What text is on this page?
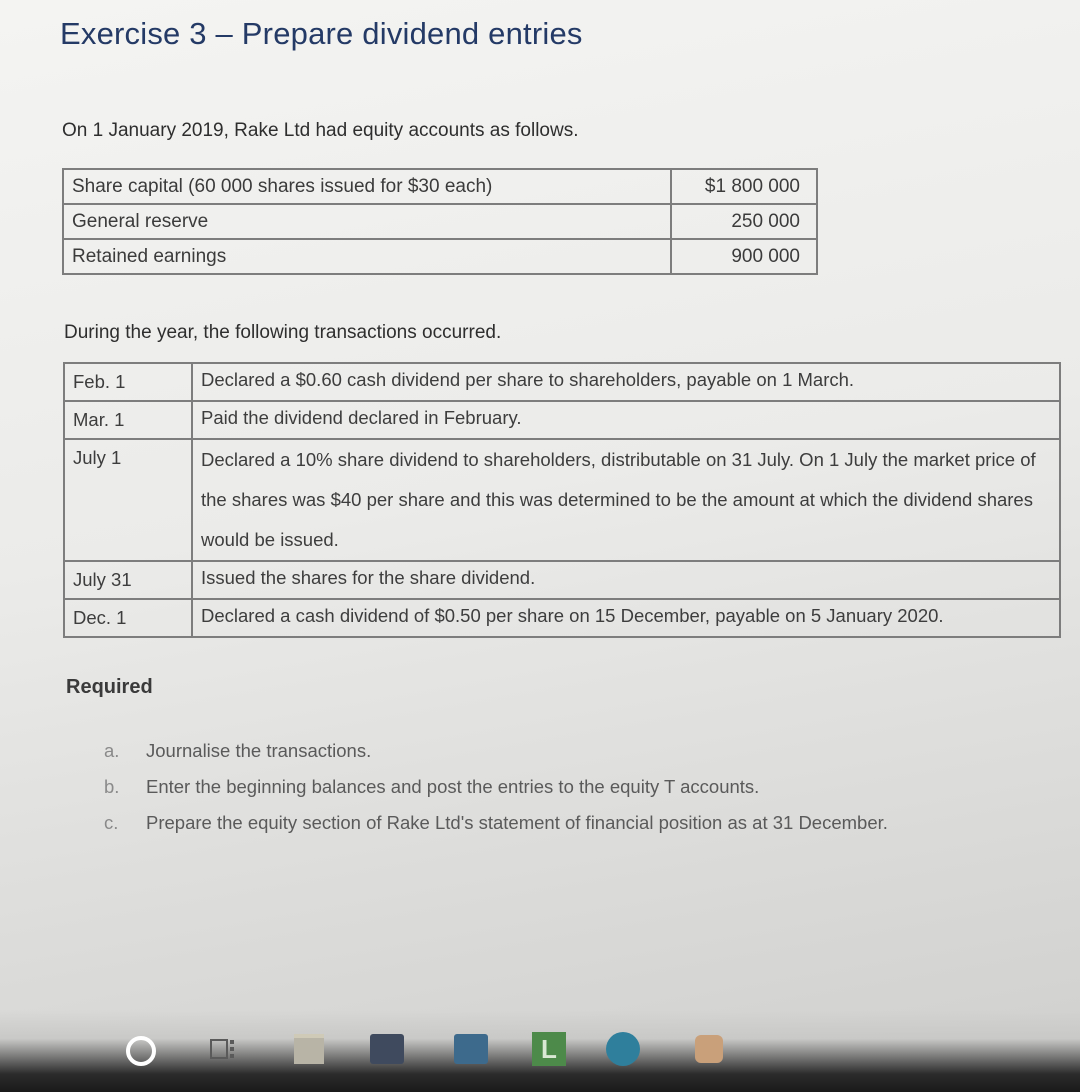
Exercise 3 – Prepare dividend entries
On 1 January 2019, Rake Ltd had equity accounts as follows.
Share capital (60 000 shares issued for $30 each)	$1 800 000
General reserve	250 000
Retained earnings	900 000
During the year, the following transactions occurred.
Feb. 1	Declared a $0.60 cash dividend per share to shareholders, payable on 1 March.
Mar. 1	Paid the dividend declared in February.
July 1	Declared a 10% share dividend to shareholders, distributable on 31 July. On 1 July the market price of the shares was $40 per share and this was determined to be the amount at which the dividend shares would be issued.
July 31	Issued the shares for the share dividend.
Dec. 1	Declared a cash dividend of $0.50 per share on 15 December, payable on 5 January 2020.
Required
a.	Journalise the transactions.
b.	Enter the beginning balances and post the entries to the equity T accounts.
c.	Prepare the equity section of Rake Ltd's statement of financial position as at 31 December.
L
